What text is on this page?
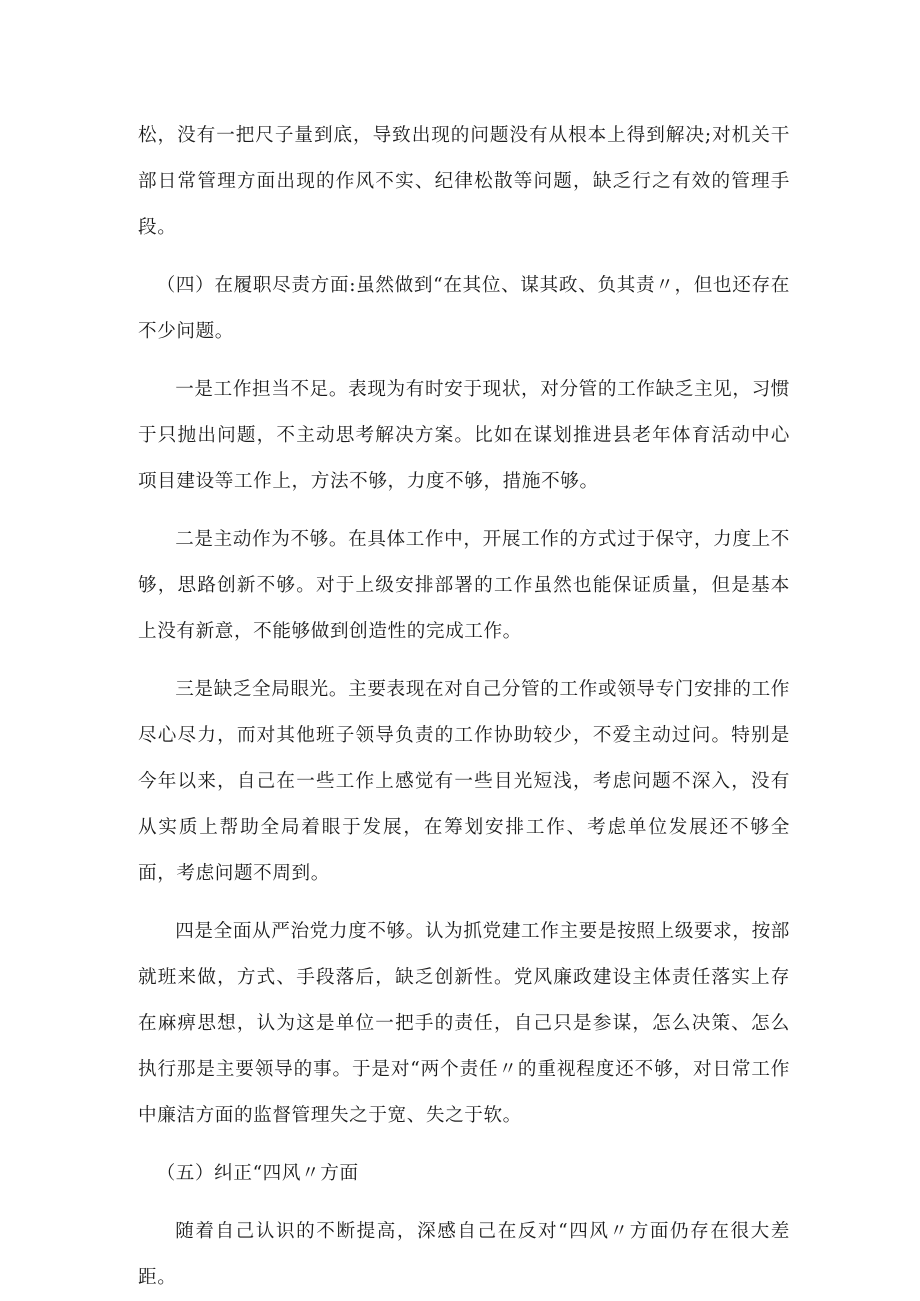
松，没有一把尺子量到底，导致出现的问题没有从根本上得到解决;对机关干部日常管理方面出现的作风不实、纪律松散等问题，缺乏行之有效的管理手段。

（四）在履职尽责方面:虽然做到“在其位、谋其政、负其责〃，但也还存在不少问题。

一是工作担当不足。表现为有时安于现状，对分管的工作缺乏主见，习惯于只抛出问题，不主动思考解决方案。比如在谋划推进县老年体育活动中心项目建设等工作上，方法不够，力度不够，措施不够。

二是主动作为不够。在具体工作中，开展工作的方式过于保守，力度上不够，思路创新不够。对于上级安排部署的工作虽然也能保证质量，但是基本上没有新意，不能够做到创造性的完成工作。

三是缺乏全局眼光。主要表现在对自己分管的工作或领导专门安排的工作尽心尽力，而对其他班子领导负责的工作协助较少，不爱主动过问。特别是今年以来，自己在一些工作上感觉有一些目光短浅，考虑问题不深入，没有从实质上帮助全局着眼于发展，在筹划安排工作、考虑单位发展还不够全面，考虑问题不周到。

四是全面从严治党力度不够。认为抓党建工作主要是按照上级要求，按部就班来做，方式、手段落后，缺乏创新性。党风廉政建设主体责任落实上存在麻痹思想，认为这是单位一把手的责任，自己只是参谋，怎么决策、怎么执行那是主要领导的事。于是对“两个责任〃的重视程度还不够，对日常工作中廉洁方面的监督管理失之于宽、失之于软。

（五）纠正“四风〃方面

随着自己认识的不断提高，深感自己在反对“四风〃方面仍存在很大差距。
